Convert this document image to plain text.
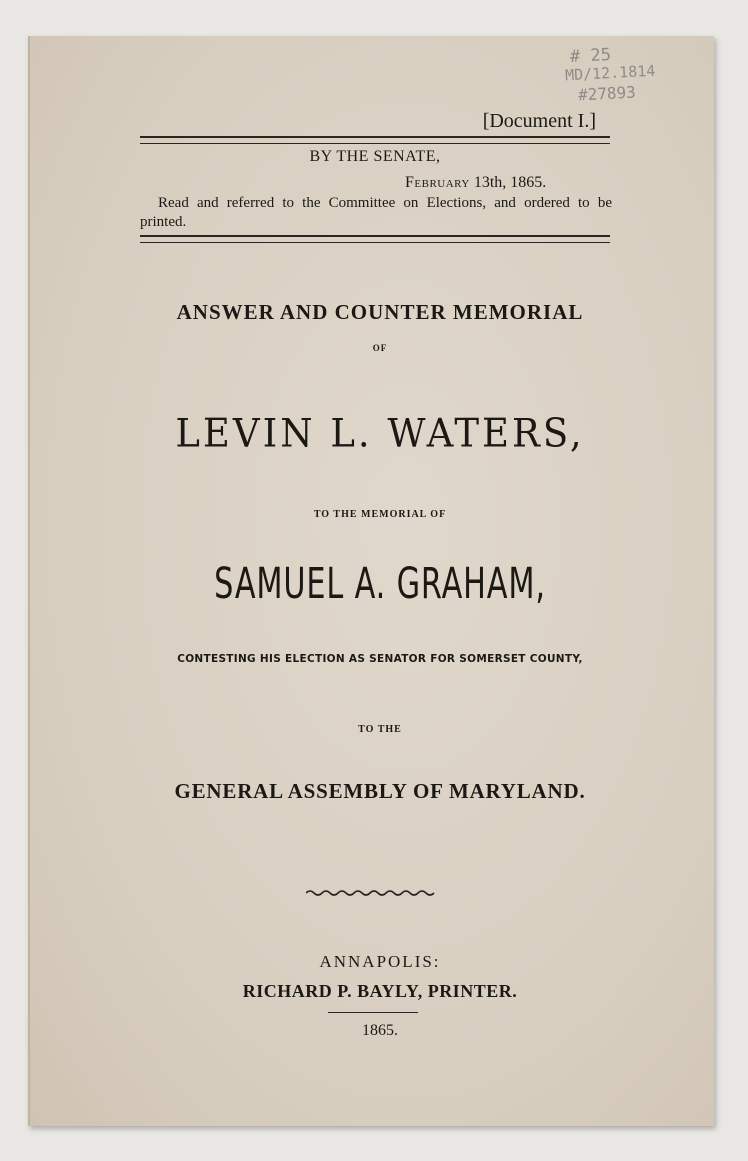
# 25
MD/12.1814
#27893
[Document I.]
BY THE SENATE,
February 13th, 1865.
Read and referred to the Committee on Elections, and ordered to be printed.
ANSWER AND COUNTER MEMORIAL
OF
LEVIN L. WATERS,
TO THE MEMORIAL OF
SAMUEL A. GRAHAM,
CONTESTING HIS ELECTION AS SENATOR FOR SOMERSET COUNTY,
TO THE
GENERAL ASSEMBLY OF MARYLAND.
ANNAPOLIS:
RICHARD P. BAYLY, PRINTER.
1865.
